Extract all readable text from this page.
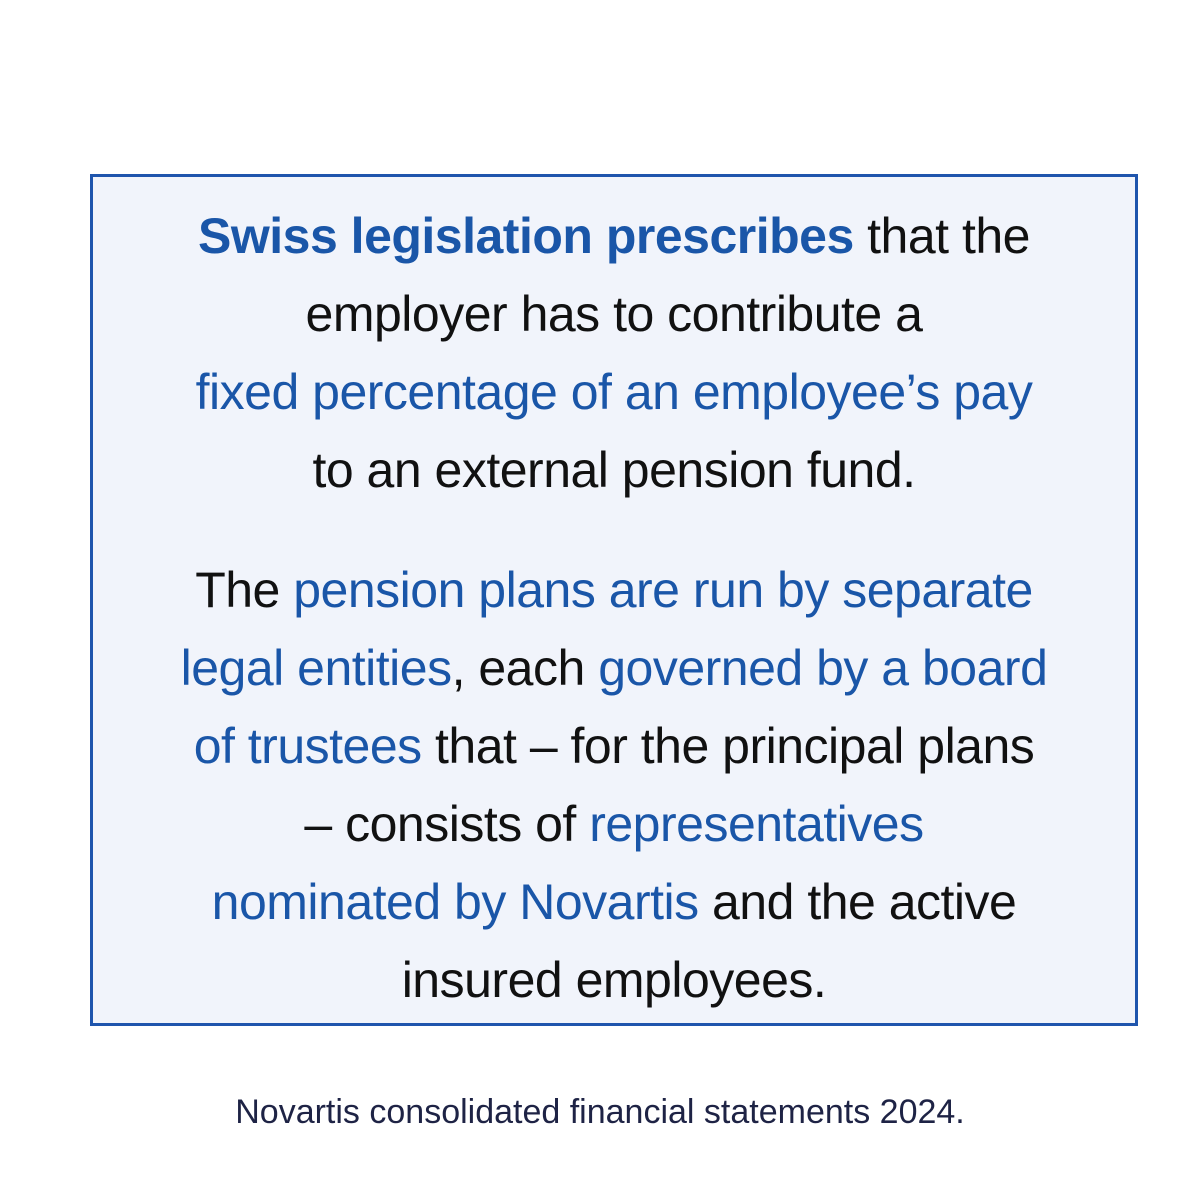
Swiss legislation prescribes that the
employer has to contribute a
fixed percentage of an employee’s pay
to an external pension fund.
The pension plans are run by separate
legal entities, each governed by a board
of trustees that – for the principal plans
– consists of representatives
nominated by Novartis and the active
insured employees.
Novartis consolidated financial statements 2024.
